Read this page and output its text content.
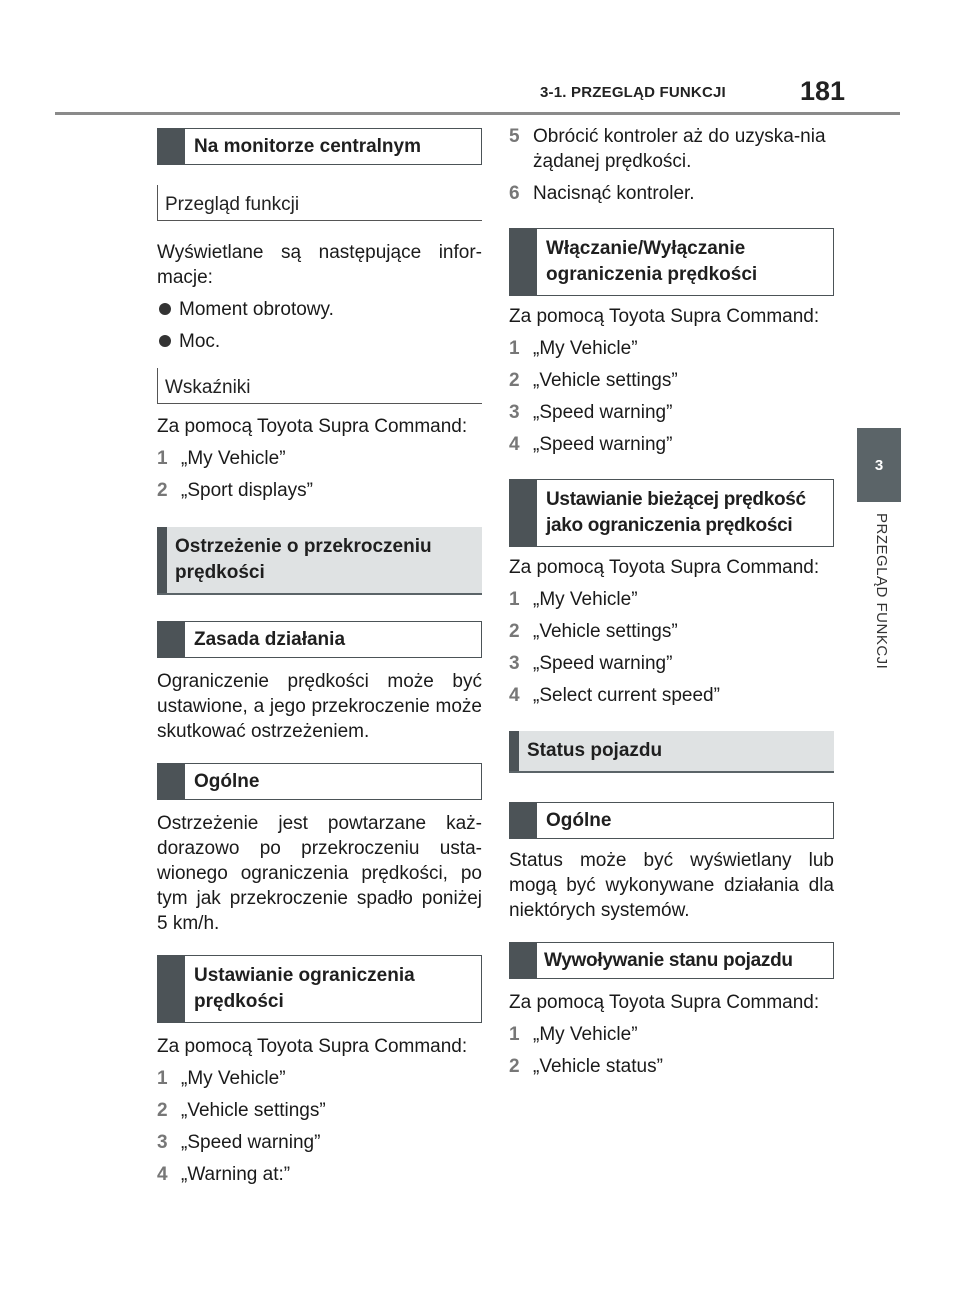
3-1. PRZEGLĄD FUNKCJI	181
3
PRZEGLĄD FUNKCJI
Na monitorze centralnym
Przegląd funkcji

Wyświetlane są następujące infor-macje:

Moment obrotowy.
Moc.
Wskaźniki

Za pomocą Toyota Supra Command:

1 „My Vehicle”
2 „Sport displays”
Ostrzeżenie o przekroczeniu prędkości
Zasada działania

Ograniczenie prędkości może być ustawione, a jego przekroczenie może skutkować ostrzeżeniem.

Ogólne

Ostrzeżenie jest powtarzane każ-dorazowo po przekroczeniu usta-wionego ograniczenia prędkości, po tym jak przekroczenie spadło poniżej 5 km/h.

Ustawianie ograniczenia prędkości

Za pomocą Toyota Supra Command:

1 „My Vehicle”
2 „Vehicle settings”
3 „Speed warning”
4 „Warning at:”
5 Obrócić kontroler aż do uzyska-nia żądanej prędkości.
6 Nacisnąć kontroler.
Włączanie/Wyłączanie ograniczenia prędkości

Za pomocą Toyota Supra Command:

1 „My Vehicle”
2 „Vehicle settings”
3 „Speed warning”
4 „Speed warning”
Ustawianie bieżącej prędkość jako ograniczenia prędkości

Za pomocą Toyota Supra Command:

1 „My Vehicle”
2 „Vehicle settings”
3 „Speed warning”
4 „Select current speed”
Status pojazdu
Ogólne

Status może być wyświetlany lub mogą być wykonywane działania dla niektórych systemów.

Wywoływanie stanu pojazdu

Za pomocą Toyota Supra Command:

1 „My Vehicle”
2 „Vehicle status”
